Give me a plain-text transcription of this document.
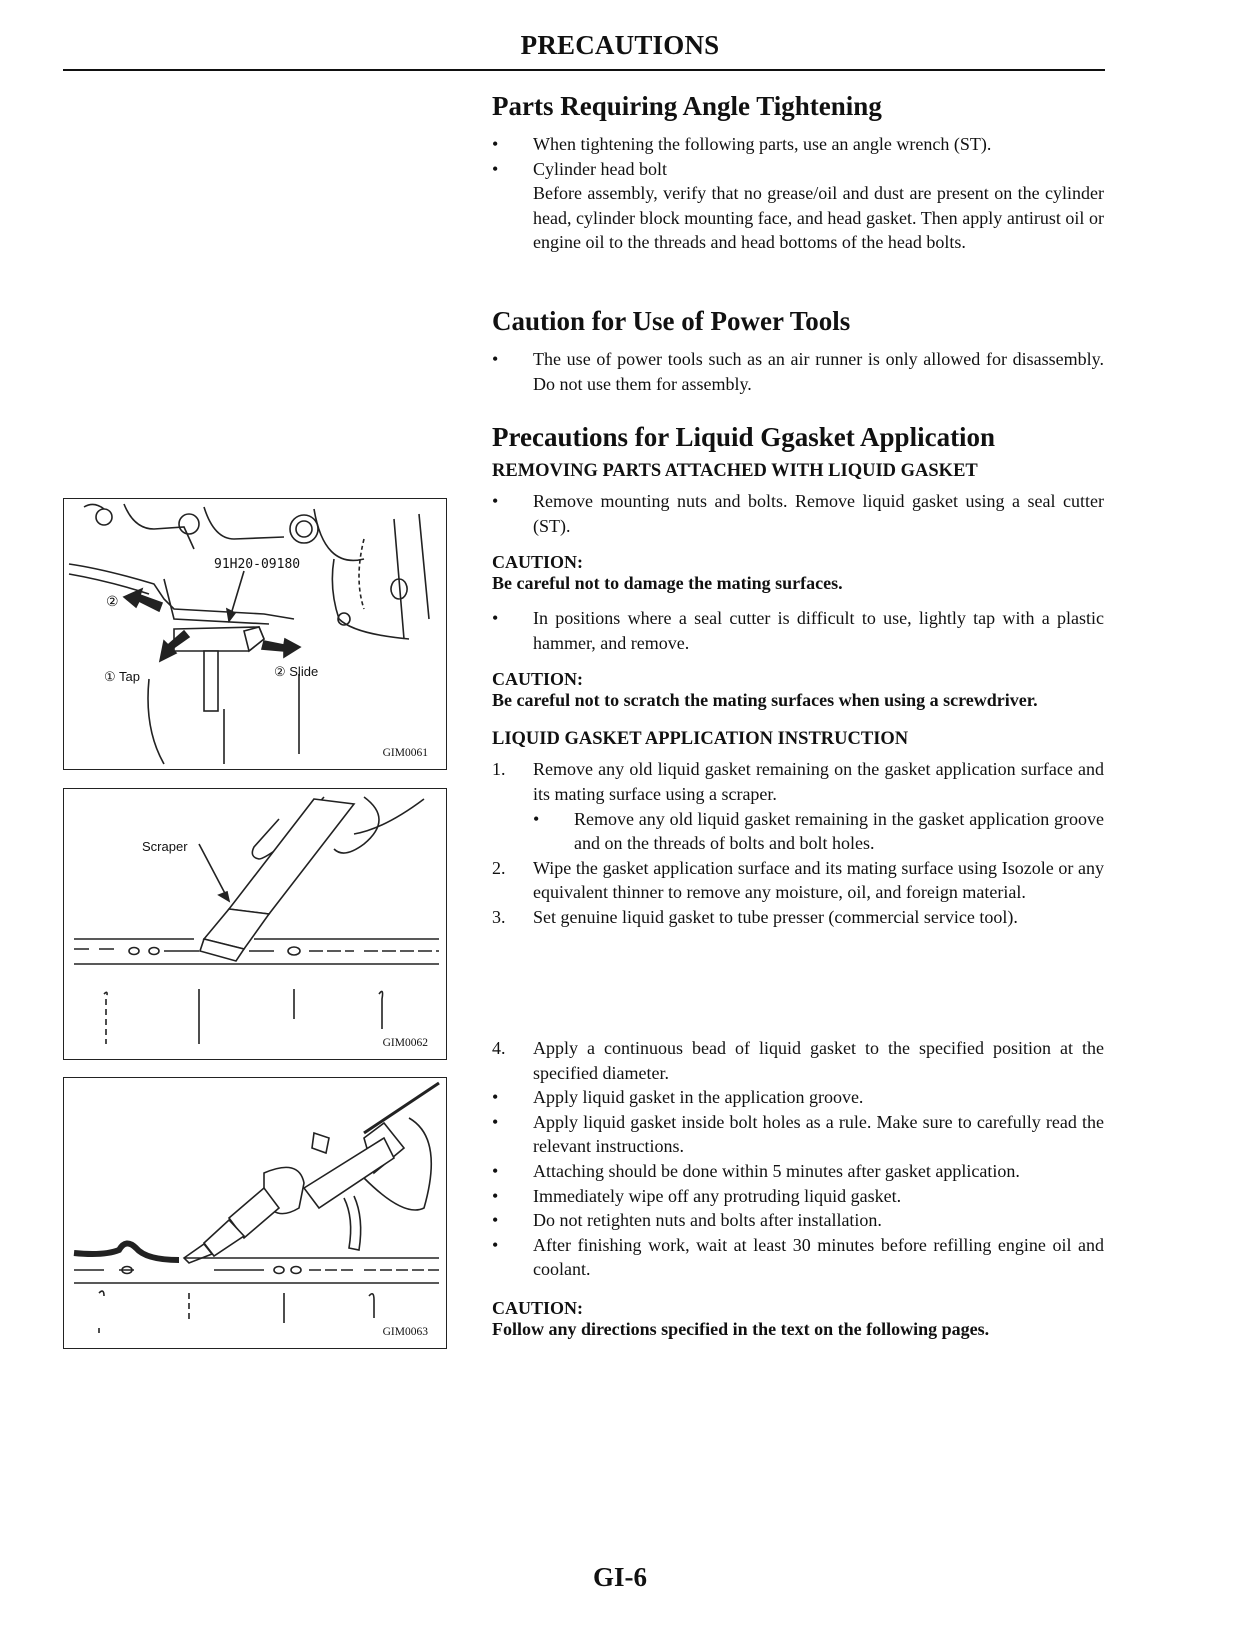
PRECAUTIONS
Parts Requiring Angle Tightening
• When tightening the following parts, use an angle wrench (ST).
• Cylinder head bolt
Before assembly, verify that no grease/oil and dust are present on the cylinder head, cylinder block mounting face, and head gasket. Then apply antirust oil or engine oil to the threads and head bottoms of the head bolts.
Caution for Use of Power Tools
• The use of power tools such as an air runner is only allowed for disassembly. Do not use them for assembly.
Precautions for Liquid Ggasket Application
REMOVING PARTS ATTACHED WITH LIQUID GASKET
• Remove mounting nuts and bolts. Remove liquid gasket using a seal cutter (ST).

CAUTION:

Be careful not to damage the mating surfaces.

• In positions where a seal cutter is difficult to use, lightly tap with a plastic hammer, and remove.

CAUTION:

Be careful not to scratch the mating surfaces when using a screwdriver.

LIQUID GASKET APPLICATION INSTRUCTION
1. Remove any old liquid gasket remaining on the gasket application surface and its mating surface using a scraper.
• Remove any old liquid gasket remaining in the gasket application groove and on the threads of bolts and bolt holes.
2. Wipe the gasket application surface and its mating surface using Isozole or any equivalent thinner to remove any moisture, oil, and foreign material.
3. Set genuine liquid gasket to tube presser (commercial service tool).
4. Apply a continuous bead of liquid gasket to the specified position at the specified diameter.
• Apply liquid gasket in the application groove.
• Apply liquid gasket inside bolt holes as a rule. Make sure to carefully read the relevant instructions.
• Attaching should be done within 5 minutes after gasket application.
• Immediately wipe off any protruding liquid gasket.
• Do not retighten nuts and bolts after installation.
• After finishing work, wait at least 30 minutes before refilling engine oil and coolant.

CAUTION:

Follow any directions specified in the text on the following pages.

91H20-09180
②
① Tap	② Slide
GIM0061
Scraper
GIM0062
GIM0063
GI-6
